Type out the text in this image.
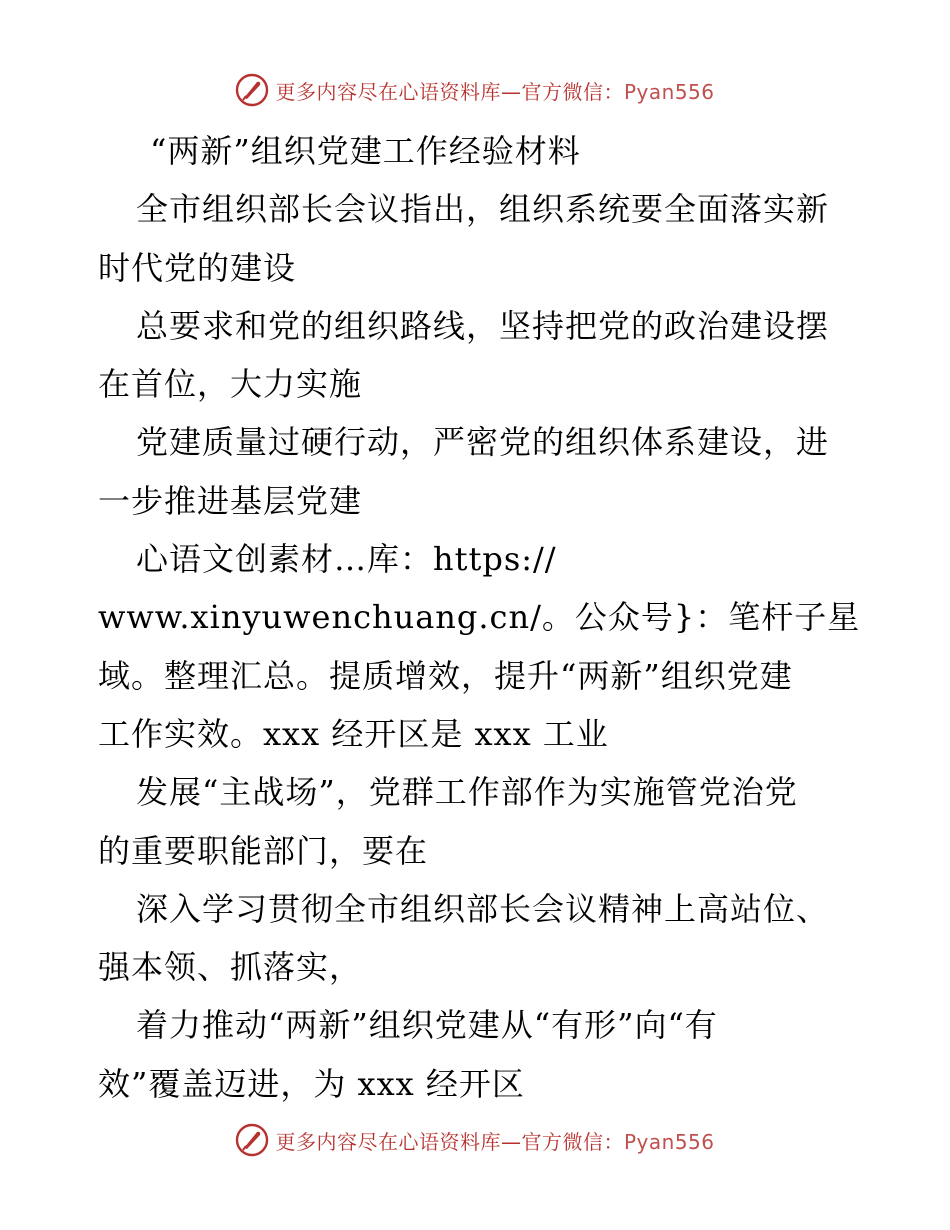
更多内容尽在心语资料库—官方微信：Pyan556
“两新”组织党建工作经验材料
全市组织部长会议指出，组织系统要全面落实新
时代党的建设
总要求和党的组织路线，坚持把党的政治建设摆
在首位，大力实施
党建质量过硬行动，严密党的组织体系建设，进
一步推进基层党建
心语文创素材…库：https://
www.xinyuwenchuang.cn/。公众号}：笔杆子星
域。整理汇总。提质增效，提升“两新”组织党建
工作实效。xxx 经开区是 xxx 工业
发展“主战场”，党群工作部作为实施管党治党
的重要职能部门，要在
深入学习贯彻全市组织部长会议精神上高站位、
强本领、抓落实，
着力推动“两新”组织党建从“有形”向“有
效”覆盖迈进，为 xxx 经开区
更多内容尽在心语资料库—官方微信：Pyan556
